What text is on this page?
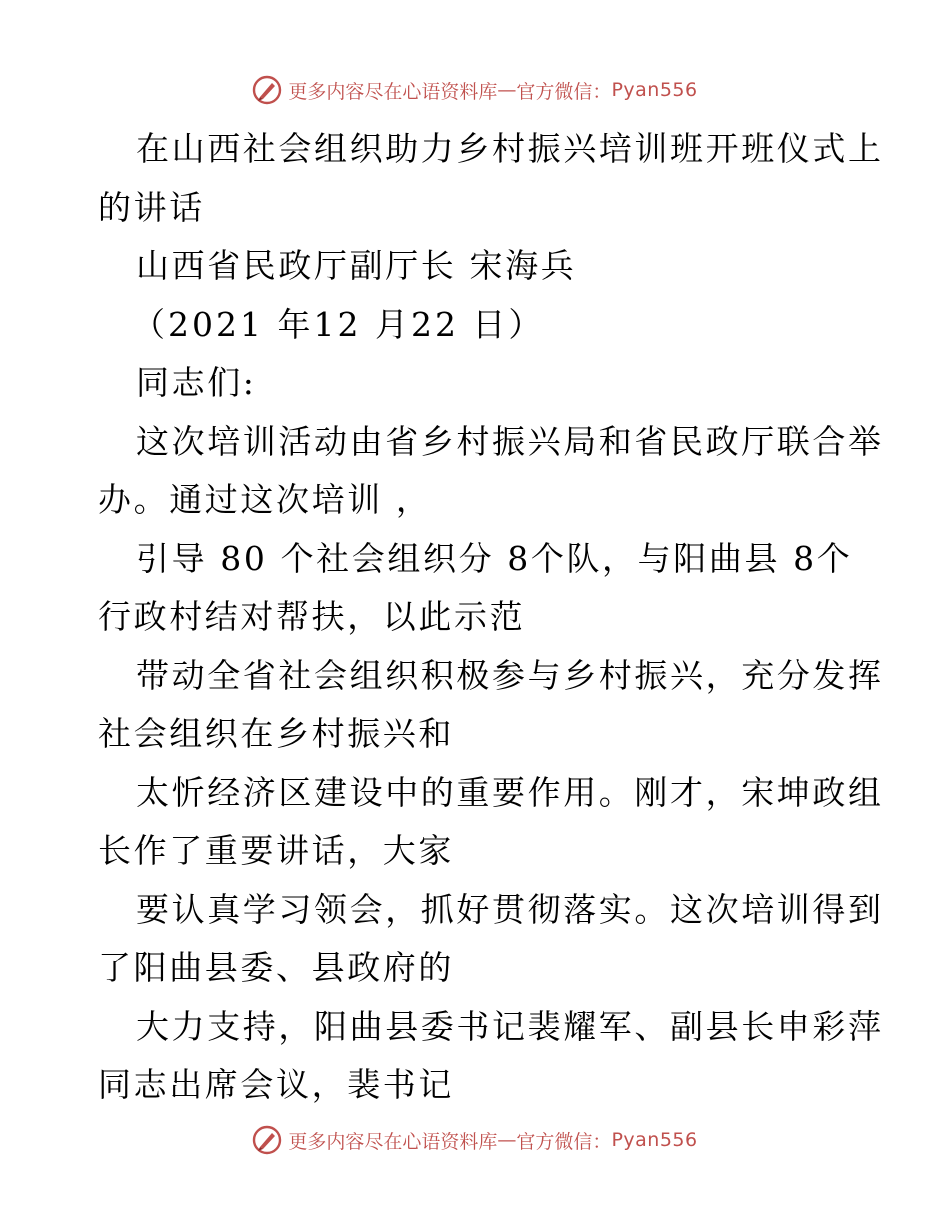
更多内容尽在心语资料库 — 官方微信： Pyan556
在山西社会组织助力乡村振兴培训班开班仪式上
的讲话
山西省民政厅副厅长 宋海兵
（2021 年12 月22 日）
同志们:
这次培训活动由省乡村振兴局和省民政厅联合举
办。通过这次培训 ，
引导 80 个社会组织分 8个队，与阳曲县 8个
行政村结对帮扶，以此示范
带动全省社会组织积极参与乡村振兴，充分发挥
社会组织在乡村振兴和
太忻经济区建设中的重要作用。刚才，宋坤政组
长作了重要讲话，大家
要认真学习领会，抓好贯彻落实。这次培训得到
了阳曲县委、县政府的
大力支持，阳曲县委书记裴耀军、副县长申彩萍
同志出席会议，裴书记
更多内容尽在心语资料库 — 官方微信： Pyan556
